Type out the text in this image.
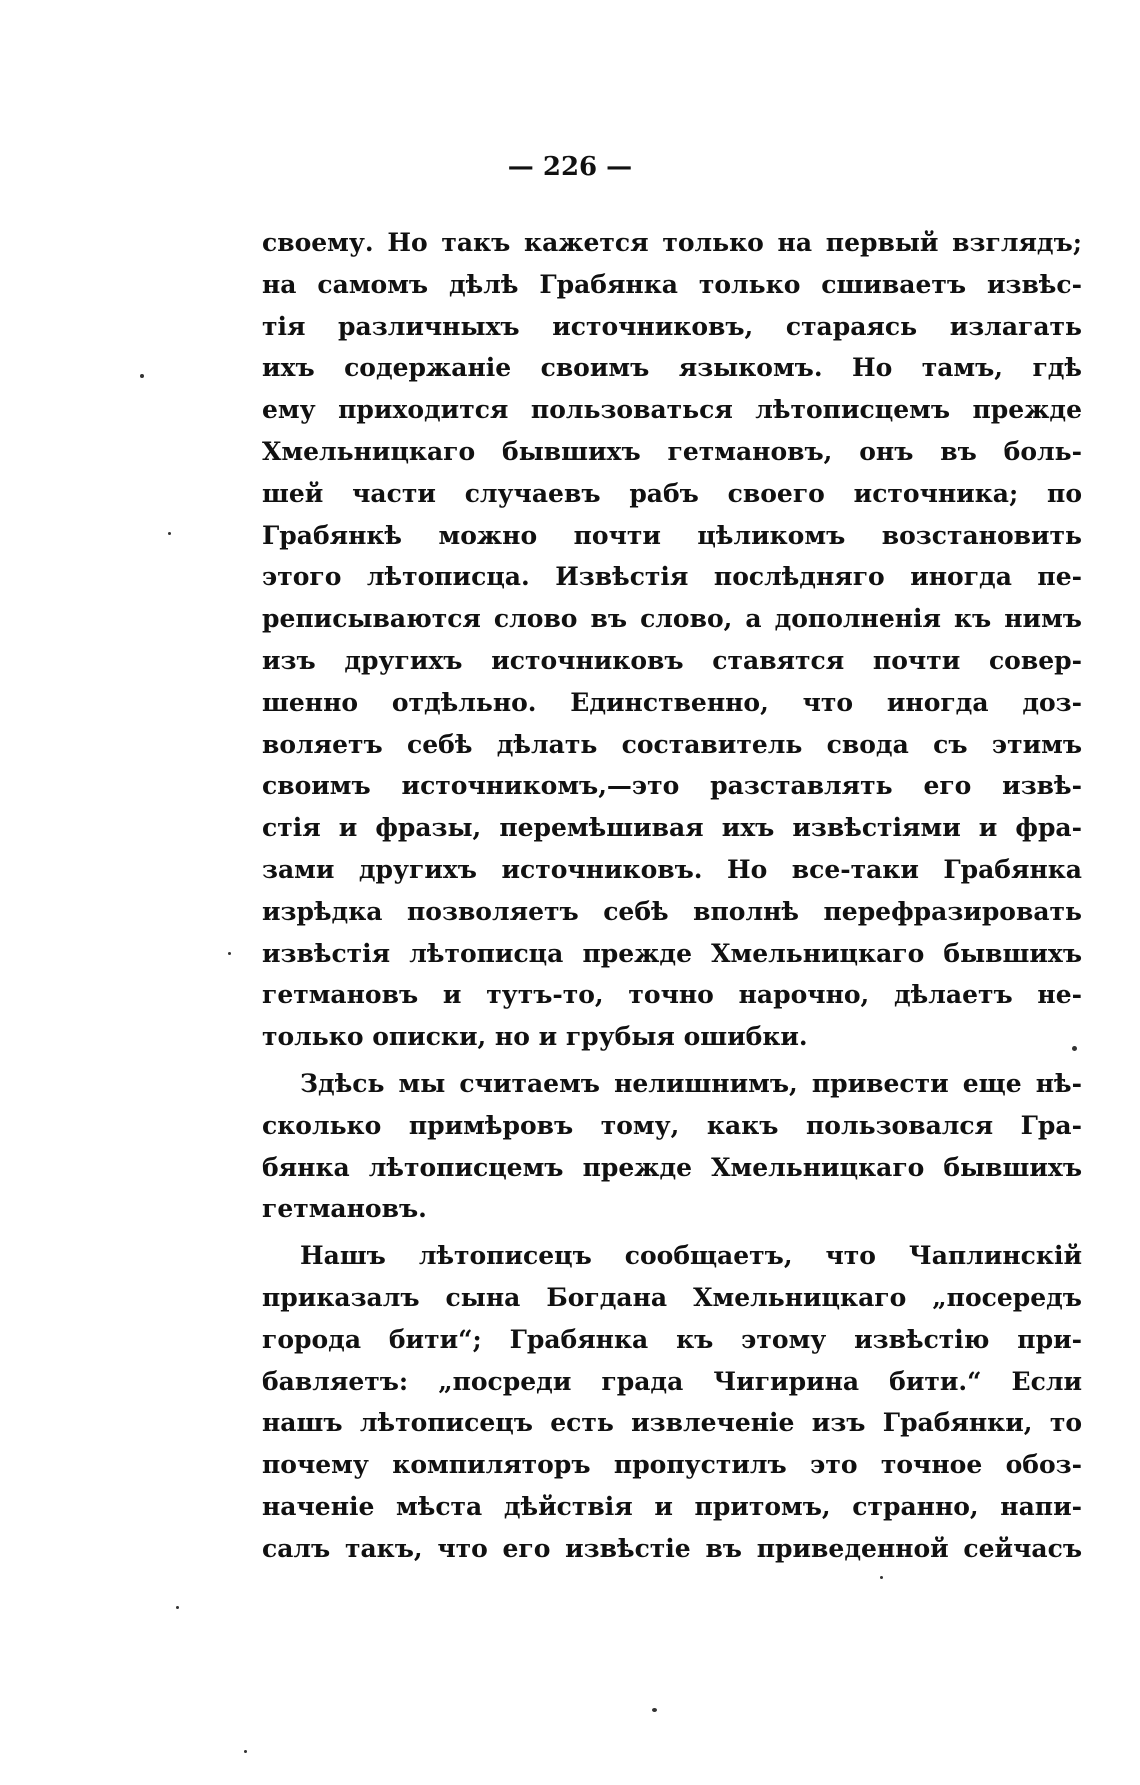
— 226 —
своему. Но такъ кажется только на первый взглядъ;
на самомъ дѣлѣ Грабянка только сшиваетъ извѣс-
тія различныхъ источниковъ, стараясь излагать
ихъ содержаніе своимъ языкомъ. Но тамъ, гдѣ
ему приходится пользоваться лѣтописцемъ прежде
Хмельницкаго бывшихъ гетмановъ, онъ въ боль-
шей части случаевъ рабъ своего источника; по
Грабянкѣ можно почти цѣликомъ возстановить
этого лѣтописца. Извѣстія послѣдняго иногда пе-
реписываются слово въ слово, а дополненія къ нимъ
изъ другихъ источниковъ ставятся почти совер-
шенно отдѣльно. Единственно, что иногда доз-
воляетъ себѣ дѣлать составитель свода съ этимъ
своимъ источникомъ,—это разставлять его извѣ-
стія и фразы, перемѣшивая ихъ извѣстіями и фра-
зами другихъ источниковъ. Но все-таки Грабянка
изрѣдка позволяетъ себѣ вполнѣ перефразировать
извѣстія лѣтописца прежде Хмельницкаго бывшихъ
гетмановъ и тутъ-то, точно нарочно, дѣлаетъ не-
только описки, но и грубыя ошибки.
Здѣсь мы считаемъ нелишнимъ, привести еще нѣ-
сколько примѣровъ тому, какъ пользовался Гра-
бянка лѣтописцемъ прежде Хмельницкаго бывшихъ
гетмановъ.
Нашъ лѣтописецъ сообщаетъ, что Чаплинскій
приказалъ сына Богдана Хмельницкаго „посередъ
города бити“; Грабянка къ этому извѣстію при-
бавляетъ: „посреди града Чигирина бити.“ Если
нашъ лѣтописецъ есть извлеченіе изъ Грабянки, то
почему компиляторъ пропустилъ это точное обоз-
наченіе мѣста дѣйствія и притомъ, странно, напи-
салъ такъ, что его извѣстіе въ приведенной сейчасъ
